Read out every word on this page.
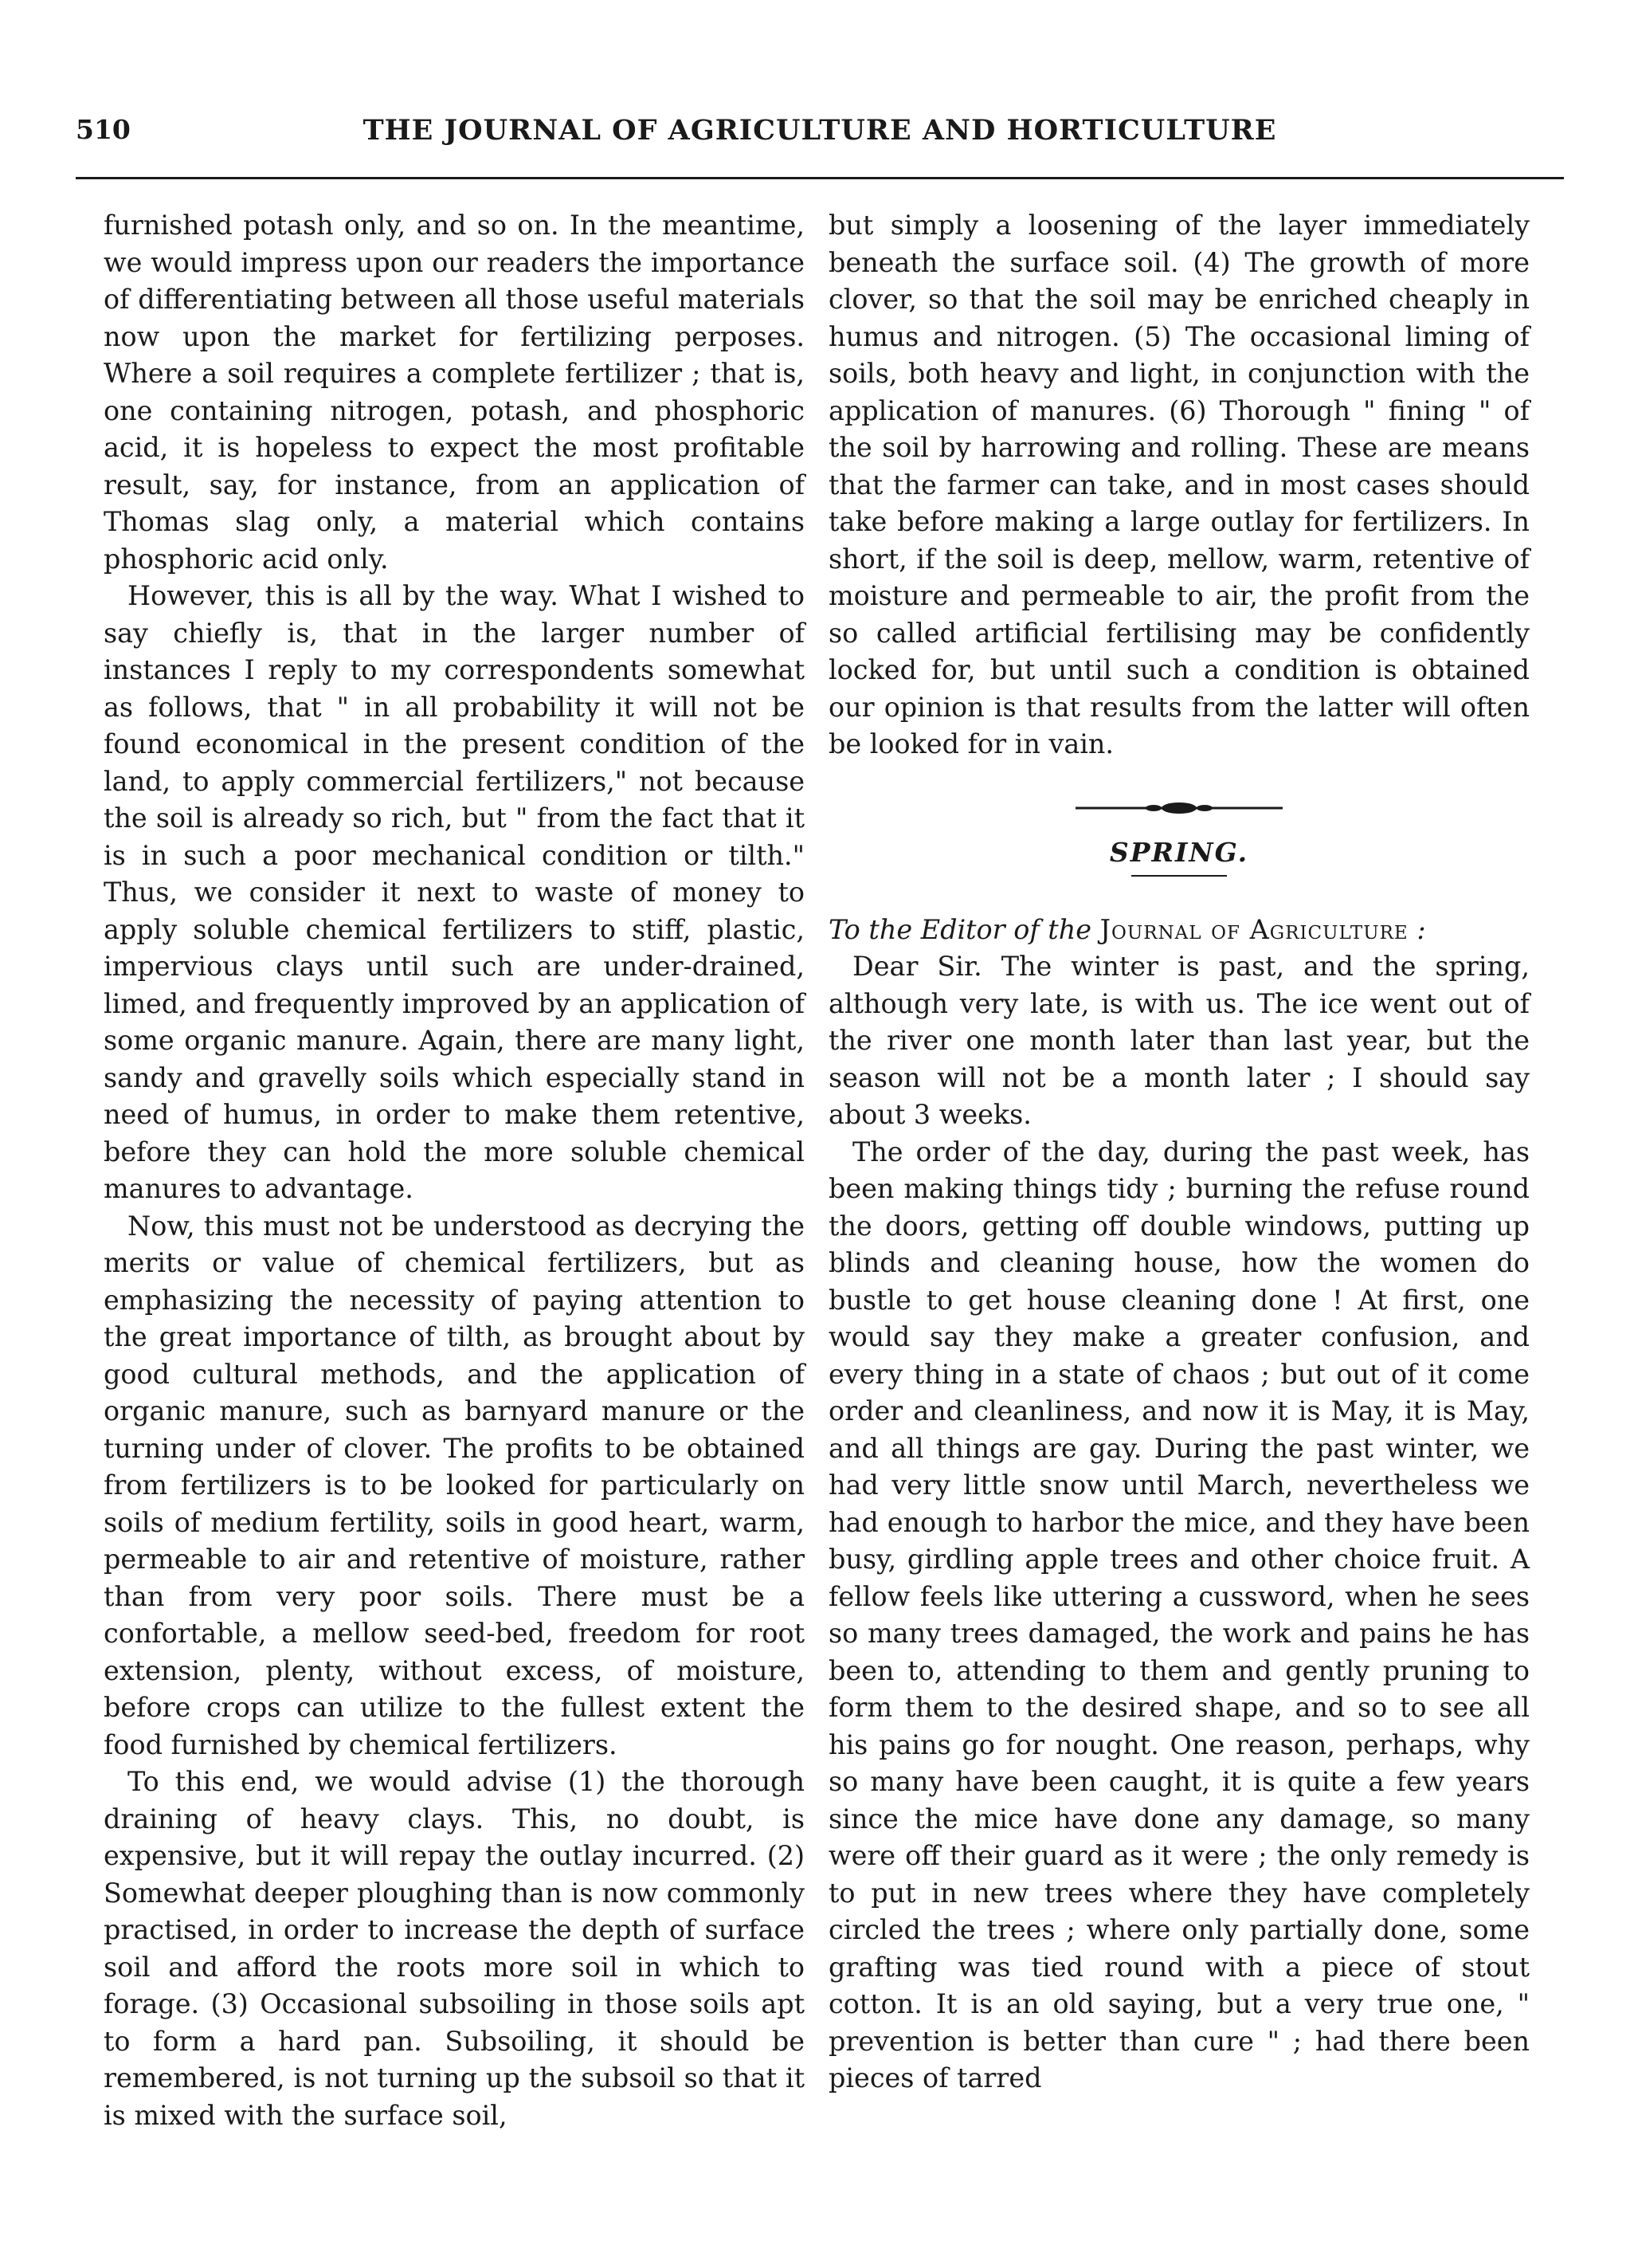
510	THE JOURNAL OF AGRICULTURE AND HORTICULTURE

furnished potash only, and so on. In the meantime, we would impress upon our readers the importance of differentiating between all those useful materials now upon the market for fertilizing perposes. Where a soil requires a complete fertilizer ; that is, one containing nitrogen, potash, and phosphoric acid, it is hopeless to expect the most profitable result, say, for instance, from an application of Thomas slag only, a material which contains phosphoric acid only.

However, this is all by the way. What I wished to say chiefly is, that in the larger number of instances I reply to my correspondents somewhat as follows, that " in all probability it will not be found economical in the present condition of the land, to apply commercial fertilizers," not because the soil is already so rich, but " from the fact that it is in such a poor mechanical condition or tilth." Thus, we consider it next to waste of money to apply soluble chemical fertilizers to stiff, plastic, impervious clays until such are under-drained, limed, and frequently improved by an application of some organic manure. Again, there are many light, sandy and gravelly soils which especially stand in need of humus, in order to make them retentive, before they can hold the more soluble chemical manures to advantage.

Now, this must not be understood as decrying the merits or value of chemical fertilizers, but as emphasizing the necessity of paying attention to the great importance of tilth, as brought about by good cultural methods, and the application of organic manure, such as barnyard manure or the turning under of clover. The profits to be obtained from fertilizers is to be looked for particularly on soils of medium fertility, soils in good heart, warm, permeable to air and retentive of moisture, rather than from very poor soils. There must be a confortable, a mellow seed-bed, freedom for root extension, plenty, without excess, of moisture, before crops can utilize to the fullest extent the food furnished by chemical fertilizers.

To this end, we would advise (1) the thorough draining of heavy clays. This, no doubt, is expensive, but it will repay the outlay incurred. (2) Somewhat deeper ploughing than is now commonly practised, in order to increase the depth of surface soil and afford the roots more soil in which to forage. (3) Occasional subsoiling in those soils apt to form a hard pan. Subsoiling, it should be remembered, is not turning up the subsoil so that it is mixed with the surface soil,

but simply a loosening of the layer immediately beneath the surface soil. (4) The growth of more clover, so that the soil may be enriched cheaply in humus and nitrogen. (5) The occasional liming of soils, both heavy and light, in conjunction with the application of manures. (6) Thorough " fining " of the soil by harrowing and rolling. These are means that the farmer can take, and in most cases should take before making a large outlay for fertilizers. In short, if the soil is deep, mellow, warm, retentive of moisture and permeable to air, the profit from the so called artificial fertilising may be confidently locked for, but until such a condition is obtained our opinion is that results from the latter will often be looked for in vain.

SPRING.

To the Editor of the Journal of Agriculture :

Dear Sir. The winter is past, and the spring, although very late, is with us. The ice went out of the river one month later than last year, but the season will not be a month later ; I should say about 3 weeks.

The order of the day, during the past week, has been making things tidy ; burning the refuse round the doors, getting off double windows, putting up blinds and cleaning house, how the women do bustle to get house cleaning done ! At first, one would say they make a greater confusion, and every thing in a state of chaos ; but out of it come order and cleanliness, and now it is May, it is May, and all things are gay. During the past winter, we had very little snow until March, nevertheless we had enough to harbor the mice, and they have been busy, girdling apple trees and other choice fruit. A fellow feels like uttering a cussword, when he sees so many trees damaged, the work and pains he has been to, attending to them and gently pruning to form them to the desired shape, and so to see all his pains go for nought. One reason, perhaps, why so many have been caught, it is quite a few years since the mice have done any damage, so many were off their guard as it were ; the only remedy is to put in new trees where they have completely circled the trees ; where only partially done, some grafting was tied round with a piece of stout cotton. It is an old saying, but a very true one, " prevention is better than cure " ; had there been pieces of tarred
